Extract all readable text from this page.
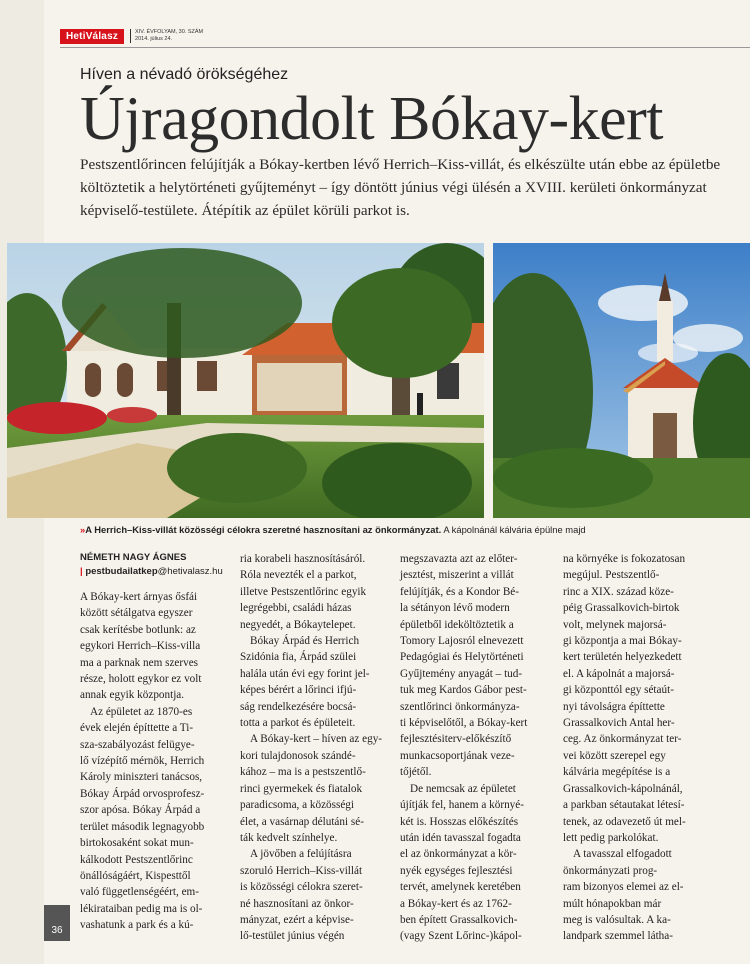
HetiVálasz	XIV. ÉVFOLYAM, 30. SZÁM
2014. július 24.
Híven a névadó örökségéhez
Újragondolt Bókay-kert
Pestszentlőrincen felújítják a Bókay-kertben lévő Herrich–Kiss-villát, és elkészülte után ebbe az épületbe költöztetik a helytörténeti gyűjteményt – így döntött június végi ülésén a XVIII. kerületi önkormányzat képviselő-testülete. Átépítik az épület körüli parkot is.
»A Herrich–Kiss-villát közösségi célokra szeretné hasznosítani az önkormányzat. A kápolnánál kálvária épülne majd
NÉMETH NAGY ÁGNES
| pestbudailatkep@hetivalasz.hu
A Bókay-kert árnyas ősfái
között sétálgatva egyszer
csak kerítésbe botlunk: az
egykori Herrich–Kiss-villa
ma a parknak nem szerves
része, holott egykor ez volt
annak egyik központja.
Az épületet az 1870-es
évek elején építtette a Ti-
sza-szabályozást felügye-
lő vízépítő mérnök, Herrich
Károly miniszteri tanácsos,
Bókay Árpád orvosprofesz-
szor apósa. Bókay Árpád a
terület második legnagyobb
birtokosaként sokat mun-
kálkodott Pestszentlőrinc
önállóságáért, Kispesttől
való függetlenségéért, em-
lékirataiban pedig ma is ol-
vashatunk a park és a kú-
ria korabeli hasznosításáról.
Róla nevezték el a parkot,
illetve Pestszentlőrinc egyik
legrégebbi, családi házas
negyedét, a Bókaytelepet.
Bókay Árpád és Herrich
Szidónia fia, Árpád szülei
halála után évi egy forint jel-
képes bérért a lőrinci ifjú-
ság rendelkezésére bocsá-
totta a parkot és épületeit.
A Bókay-kert – híven az egy-
kori tulajdonosok szándé-
kához – ma is a pestszentlő-
rinci gyermekek és fiatalok
paradicsoma, a közösségi
élet, a vasárnap délutáni sé-
ták kedvelt színhelye.
A jövőben a felújításra
szoruló Herrich–Kiss-villát
is közösségi célokra szeret-
né hasznosítani az önkor-
mányzat, ezért a képvise-
lő-testület június végén
megszavazta azt az előter-
jesztést, miszerint a villát
felújítják, és a Kondor Bé-
la sétányon lévő modern
épületből ideköltöztetik a
Tomory Lajosról elnevezett
Pedagógiai és Helytörténeti
Gyűjtemény anyagát – tud-
tuk meg Kardos Gábor pest-
szentlőrinci önkormányza-
ti képviselőtől, a Bókay-kert
fejlesztésiterv-előkészítő
munkacsoportjának veze-
tőjétől.
De nemcsak az épületet
újítják fel, hanem a környé-
két is. Hosszas előkészítés
után idén tavasszal fogadta
el az önkormányzat a kör-
nyék egységes fejlesztési
tervét, amelynek keretében
a Bókay-kert és az 1762-
ben épített Grassalkovich-
(vagy Szent Lőrinc-)kápol-
na környéke is fokozatosan
megújul. Pestszentlő-
rinc a XIX. század köze-
péig Grassalkovich-birtok
volt, melynek majorsá-
gi központja a mai Bókay-
kert területén helyezkedett
el. A kápolnát a majorsá-
gi központtól egy sétaút-
nyi távolságra építtette
Grassalkovich Antal her-
ceg. Az önkormányzat ter-
vei között szerepel egy
kálvária megépítése is a
Grassalkovich-kápolnánál,
a parkban sétautakat létesí-
tenek, az odavezető út mel-
lett pedig parkolókat.
A tavasszal elfogadott
önkormányzati prog-
ram bizonyos elemei az el-
múlt hónapokban már
meg is valósultak. A ka-
landpark szemmel látha-
36
